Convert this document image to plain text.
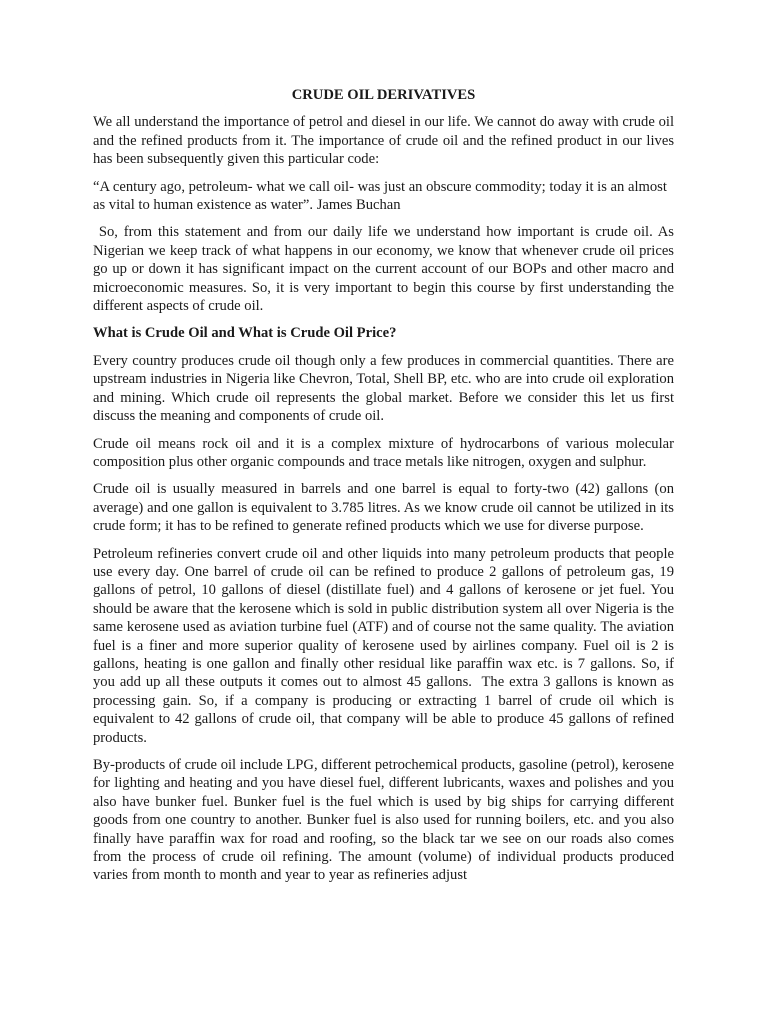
CRUDE OIL DERIVATIVES
We all understand the importance of petrol and diesel in our life. We cannot do away with crude oil and the refined products from it. The importance of crude oil and the refined product in our lives has been subsequently given this particular code:
“A century ago, petroleum- what we call oil- was just an obscure commodity; today it is an almost as vital to human existence as water”. James Buchan
So, from this statement and from our daily life we understand how important is crude oil. As Nigerian we keep track of what happens in our economy, we know that whenever crude oil prices go up or down it has significant impact on the current account of our BOPs and other macro and microeconomic measures. So, it is very important to begin this course by first understanding the different aspects of crude oil.
What is Crude Oil and What is Crude Oil Price?
Every country produces crude oil though only a few produces in commercial quantities. There are upstream industries in Nigeria like Chevron, Total, Shell BP, etc. who are into crude oil exploration and mining. Which crude oil represents the global market. Before we consider this let us first discuss the meaning and components of crude oil.
Crude oil means rock oil and it is a complex mixture of hydrocarbons of various molecular composition plus other organic compounds and trace metals like nitrogen, oxygen and sulphur.
Crude oil is usually measured in barrels and one barrel is equal to forty-two (42) gallons (on average) and one gallon is equivalent to 3.785 litres. As we know crude oil cannot be utilized in its crude form; it has to be refined to generate refined products which we use for diverse purpose.
Petroleum refineries convert crude oil and other liquids into many petroleum products that people use every day. One barrel of crude oil can be refined to produce 2 gallons of petroleum gas, 19 gallons of petrol, 10 gallons of diesel (distillate fuel) and 4 gallons of kerosene or jet fuel. You should be aware that the kerosene which is sold in public distribution system all over Nigeria is the same kerosene used as aviation turbine fuel (ATF) and of course not the same quality. The aviation fuel is a finer and more superior quality of kerosene used by airlines company. Fuel oil is 2 is gallons, heating is one gallon and finally other residual like paraffin wax etc. is 7 gallons. So, if you add up all these outputs it comes out to almost 45 gallons.  The extra 3 gallons is known as processing gain. So, if a company is producing or extracting 1 barrel of crude oil which is equivalent to 42 gallons of crude oil, that company will be able to produce 45 gallons of refined products.
By-products of crude oil include LPG, different petrochemical products, gasoline (petrol), kerosene for lighting and heating and you have diesel fuel, different lubricants, waxes and polishes and you also have bunker fuel. Bunker fuel is the fuel which is used by big ships for carrying different goods from one country to another. Bunker fuel is also used for running boilers, etc. and you also finally have paraffin wax for road and roofing, so the black tar we see on our roads also comes from the process of crude oil refining. The amount (volume) of individual products produced varies from month to month and year to year as refineries adjust
